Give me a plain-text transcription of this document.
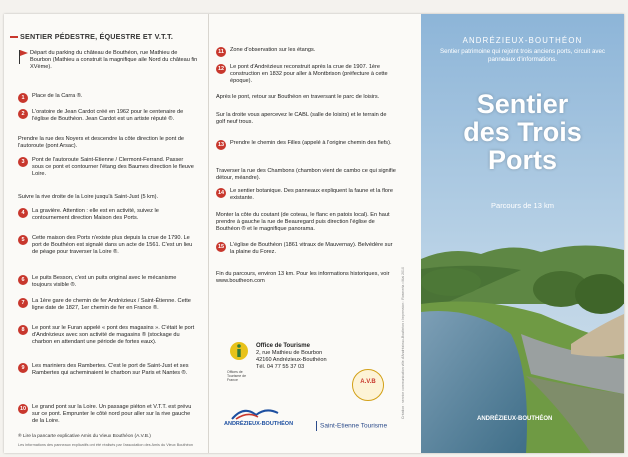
SENTIER PÉDESTRE, ÉQUESTRE ET V.T.T.
Départ du parking du château de Bouthéon, rue Mathieu de Bourbon (Mathieu a construit la magnifique aile Nord du château fin XVème).
1	Place de la Carra ®.
2	L'oratoire de Jean Cardot créé en 1962 pour le centenaire de l'église de Bouthéon. Jean Cardot est un artiste réputé ®.
Prendre la rue des Noyers et descendre la côte direction le pont de l'autoroute (pont Arsac).
3	Pont de l'autoroute Saint-Etienne / Clermont-Ferrand. Passer sous ce pont et contourner l'étang des Baumes direction le fleuve Loire.
Suivre la rive droite de la Loire jusqu'à Saint-Just (5 km).
4	La gravière. Attention : elle est en activité, suivez le contournement direction Maison des Ports.
5	Cette maison des Ports n'existe plus depuis la crue de 1790. Le port de Bouthéon est signalé dans un acte de 1561. C'est un lieu de péage pour traverser la Loire ®.
6	Le puits Besson, c'est un puits original avec le mécanisme toujours visible ®.
7	La 1ère gare de chemin de fer Andrézieux / Saint-Étienne. Cette ligne date de 1827, 1er chemin de fer en France ®.
8	Le pont sur le Furan appelé « pont des magasins ». C'était le port d'Andrézieux avec son activité de magasins ® (stockage du charbon en attendant une période de fortes eaux).
9	Les mariniers des Rambertes. C'est le port de Saint-Just et ses Rambertes qui acheminaient le charbon sur Paris et Nantes ®.
10	Le grand pont sur la Loire. Un passage piéton et V.T.T. est prévu sur ce pont. Emprunter le côté nord pour aller sur la rive gauche de la Loire.
® Lire la pancarte explicative Amis du Vieux Bouthéon (A.V.B.)
Les informations des panneaux explicatifs ont été réalisés par l'association des Amis du Vieux Bouthéon
11	Zone d'observation sur les étangs.
12	Le pont d'Andrézieux reconstruit après la crue de 1907. 1ère construction en 1832 pour aller à Montbrison (préfecture à cette époque).
Après le pont, retour sur Bouthéon en traversant le parc de loisirs.
Sur la droite vous apercevez le CABL (salle de loisirs) et le terrain de golf neuf trous.
13	Prendre le chemin des Filles (appelé à l'origine chemin des fiefs).
Traverser la rue des Chambons (chambon vient de cambo ce qui signifie détour, méandre).
14	Le sentier botanique. Des panneaux expliquent la faune et la flore existante.
Monter la côte du coutant (de coteau, le flanc en patois local). En haut prendre à gauche la rue de Beauregard puis direction l'église de Bouthéon ® et le magnifique panorama.
15	L'église de Bouthéon (1861 vitraux de Mauvernay). Belvédère sur la plaine du Forez.
Fin du parcours, environ 13 km. Pour les informations historiques, voir www.boutheon.com
Offices de Tourisme de France
Office de Tourisme
2, rue Mathieu de Bourbon
42160 Andrézieux-Bouthéon
Tél. 04 77 55 37 03
A.V.B
ANDRÉZIEUX-BOUTHÉON	Saint-Etienne Tourisme
Création : service communication ville d'Andrézieux-Bouthéon • Impression : Rosmerta • Mai 2010
ANDRÉZIEUX-BOUTHÉON
Sentier patrimoine qui rejoint trois anciens ports, circuit avec panneaux d'informations.
Sentier
des Trois
Ports
Parcours de 13 km
ANDRÉZIEUX-BOUTHÉON
